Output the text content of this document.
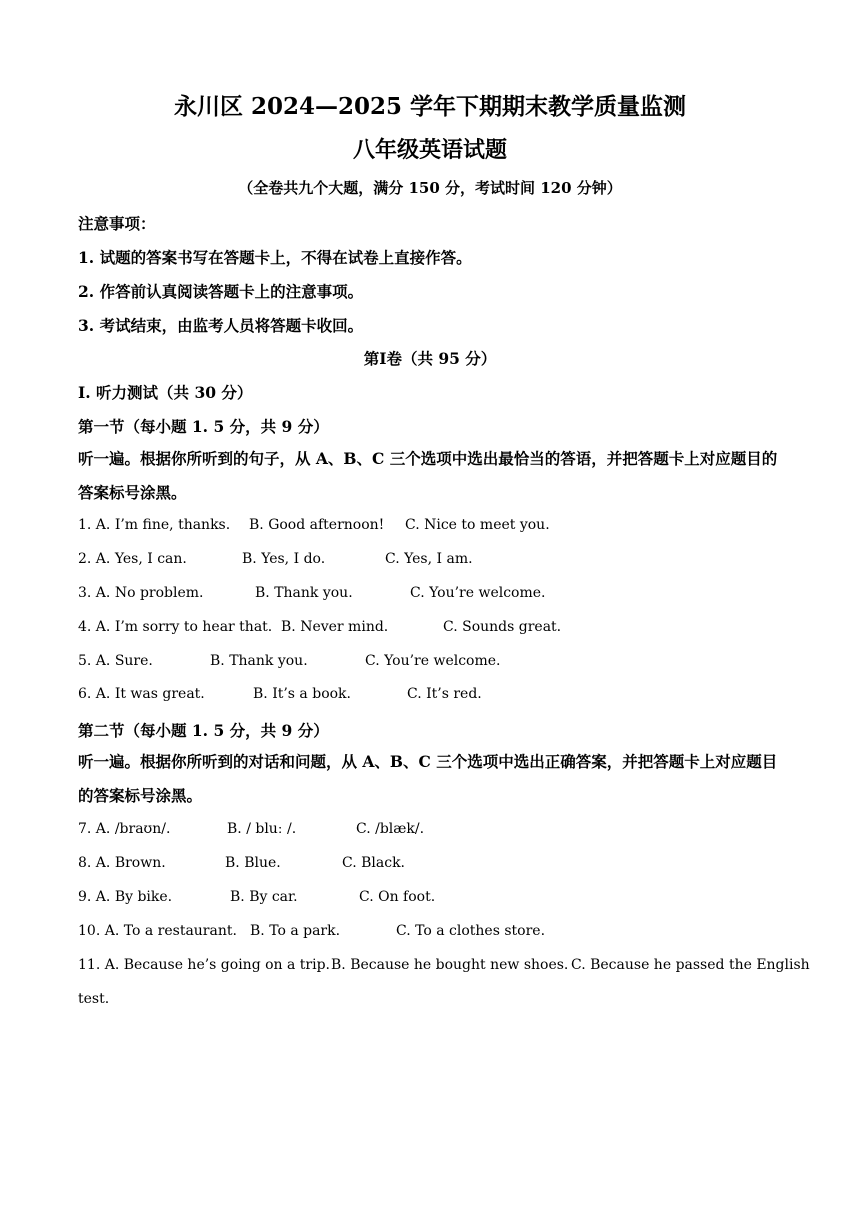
永川区 2024—2025 学年下期期末教学质量监测
八年级英语试题
（全卷共九个大题，满分 150 分，考试时间 120 分钟）
注意事项：
1. 试题的答案书写在答题卡上，不得在试卷上直接作答。
2. 作答前认真阅读答题卡上的注意事项。
3. 考试结束，由监考人员将答题卡收回。
第Ⅰ卷（共 95 分）
Ⅰ. 听力测试（共 30 分）
第一节（每小题 1. 5 分，共 9 分）
听一遍。根据你所听到的句子，从 A、B、C 三个选项中选出最恰当的答语，并把答题卡上对应题目的答案标号涂黑。
1. A. I’m fine, thanks. B. Good afternoon! C. Nice to meet you.
2. A. Yes, I can.	B. Yes, I do.	C. Yes, I am.
3. A. No problem.	B. Thank you.	C. You’re welcome.
4. A. I’m sorry to hear that. B. Never mind.	C. Sounds great.
5. A. Sure.	B. Thank you.	C. You’re welcome.
6. A. It was great.	B. It’s a book.	C. It’s red.
第二节（每小题 1. 5 分，共 9 分）
听一遍。根据你所听到的对话和问题，从 A、B、C 三个选项中选出正确答案，并把答题卡上对应题目的答案标号涂黑。
7. A. /braʊn/.	B. / bluː /.	C. /blæk/.
8. A. Brown.	B. Blue.	C. Black.
9. A. By bike.	B. By car.	C. On foot.
10. A. To a restaurant. B. To a park.	C. To a clothes store.
11. A. Because he’s going on a trip. B. Because he bought new shoes. C. Because he passed the English
test.
